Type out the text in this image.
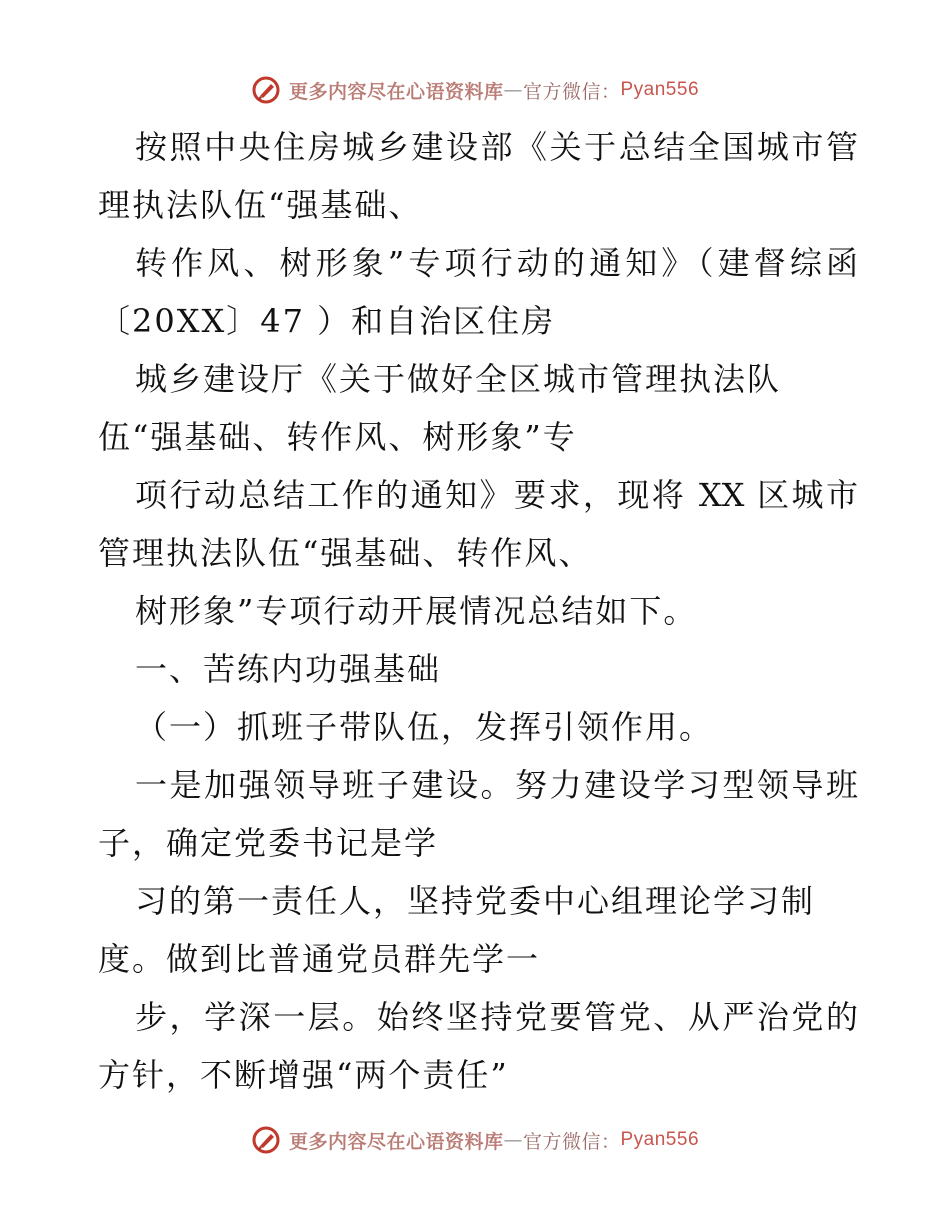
更多内容尽在心语资料库 — 官方微信： Pyan556
按照中央住房城乡建设部《关于总结全国城市管
理执法队伍“强基础、
转作风、树形象”专项行动的通知》（建督综函
〔20XX〕47 ）和自治区住房
城乡建设厅《关于做好全区城市管理执法队
伍“强基础、转作风、树形象”专
项行动总结工作的通知》要求，现将 XX 区城市
管理执法队伍“强基础、转作风、
树形象”专项行动开展情况总结如下。
一、苦练内功强基础
（一）抓班子带队伍，发挥引领作用。
一是加强领导班子建设。努力建设学习型领导班
子，确定党委书记是学
习的第一责任人，坚持党委中心组理论学习制
度。做到比普通党员群先学一
步，学深一层。始终坚持党要管党、从严治党的
方针，不断增强“两个责任”
更多内容尽在心语资料库 — 官方微信： Pyan556
